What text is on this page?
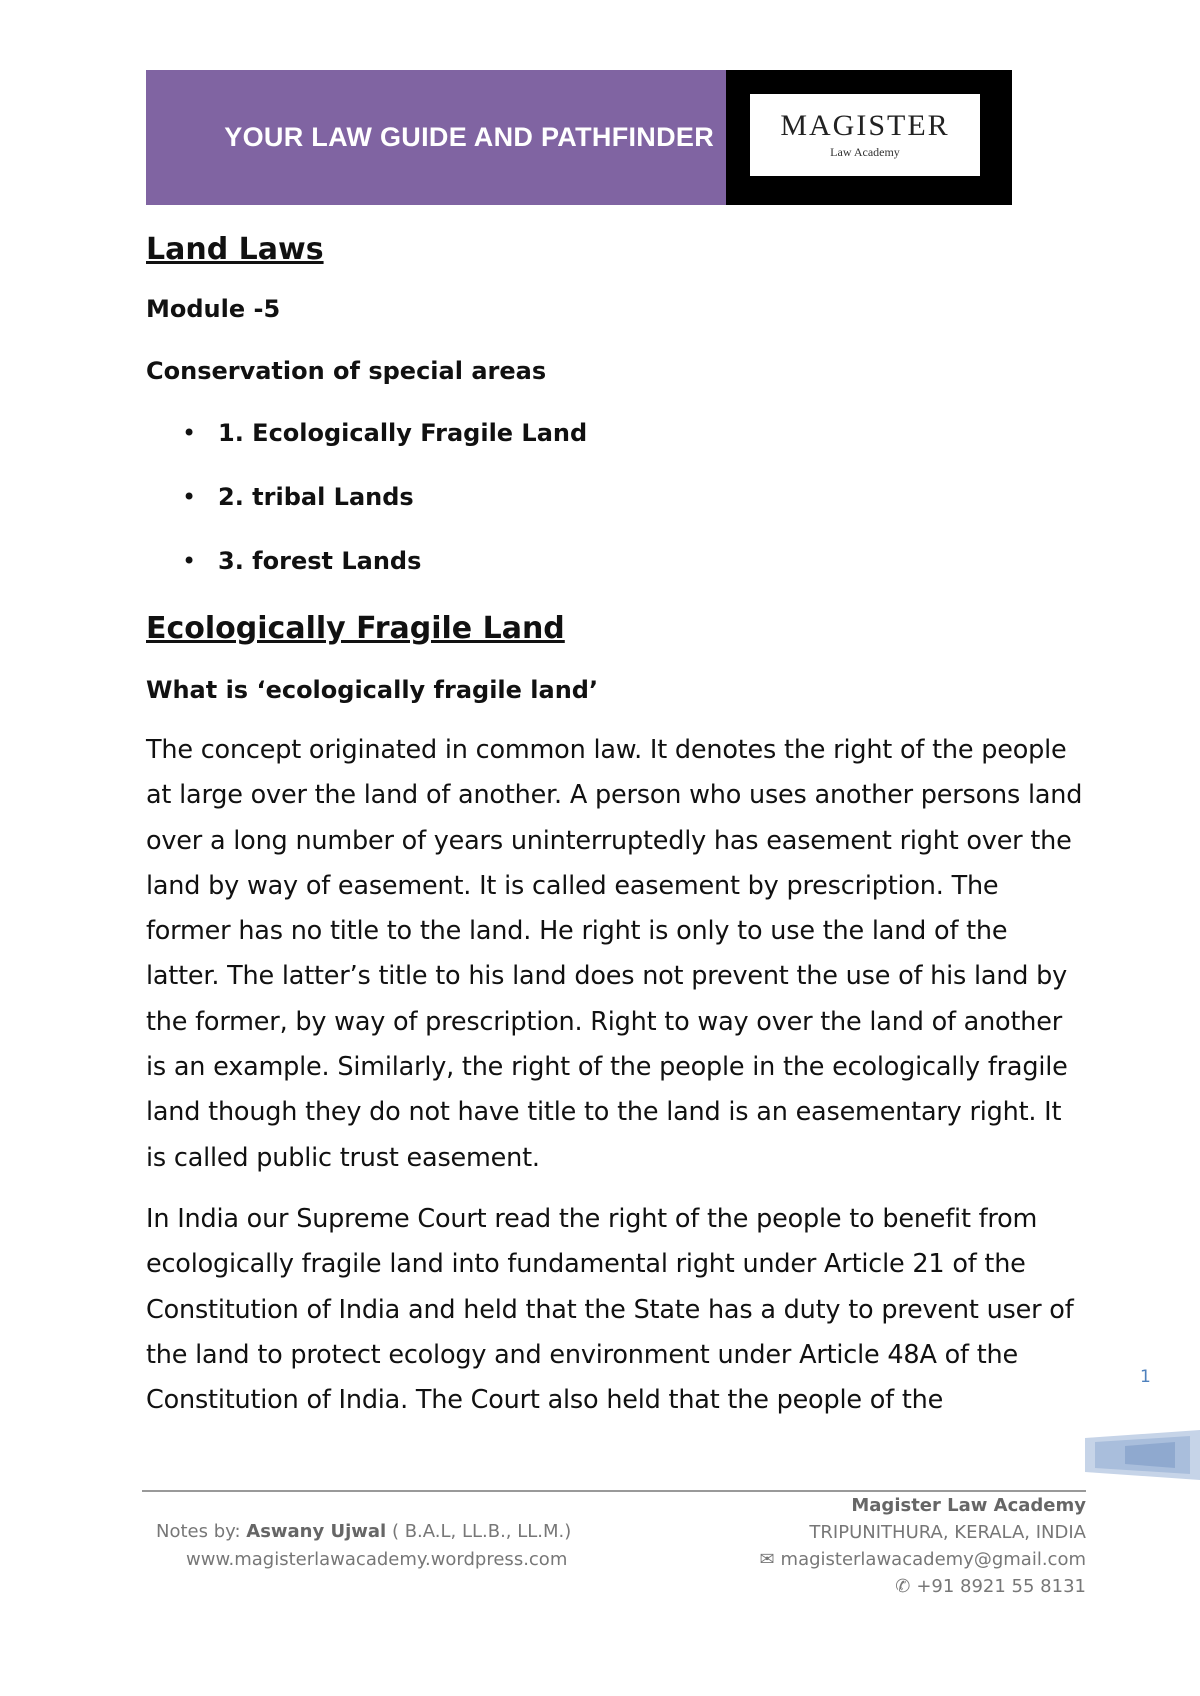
YOUR LAW GUIDE AND PATHFINDER	MAGISTER
Law Academy
Land Laws
Module -5
Conservation of special areas
• 1. Ecologically Fragile Land
• 2. tribal Lands
• 3. forest Lands
Ecologically Fragile Land
What is ‘ecologically fragile land’

The concept originated in common law. It denotes the right of the people at large over the land of another. A person who uses another persons land over a long number of years uninterruptedly has easement right over the land by way of easement. It is called easement by prescription. The former has no title to the land. He right is only to use the land of the latter. The latter’s title to his land does not prevent the use of his land by the former, by way of prescription. Right to way over the land of another is an example. Similarly, the right of the people in the ecologically fragile land though they do not have title to the land is an easementary right. It is called public trust easement.

In India our Supreme Court read the right of the people to benefit from ecologically fragile land into fundamental right under Article 21 of the Constitution of India and held that the State has a duty to prevent user of the land to protect ecology and environment under Article 48A of the Constitution of India. The Court also held that the people of the

1
Notes by: Aswany Ujwal ( B.A.L, LL.B., LL.M.)
www.magisterlawacademy.wordpress.com
Magister Law Academy
TRIPUNITHURA, KERALA, INDIA
✉ magisterlawacademy@gmail.com
✆ +91 8921 55 8131
